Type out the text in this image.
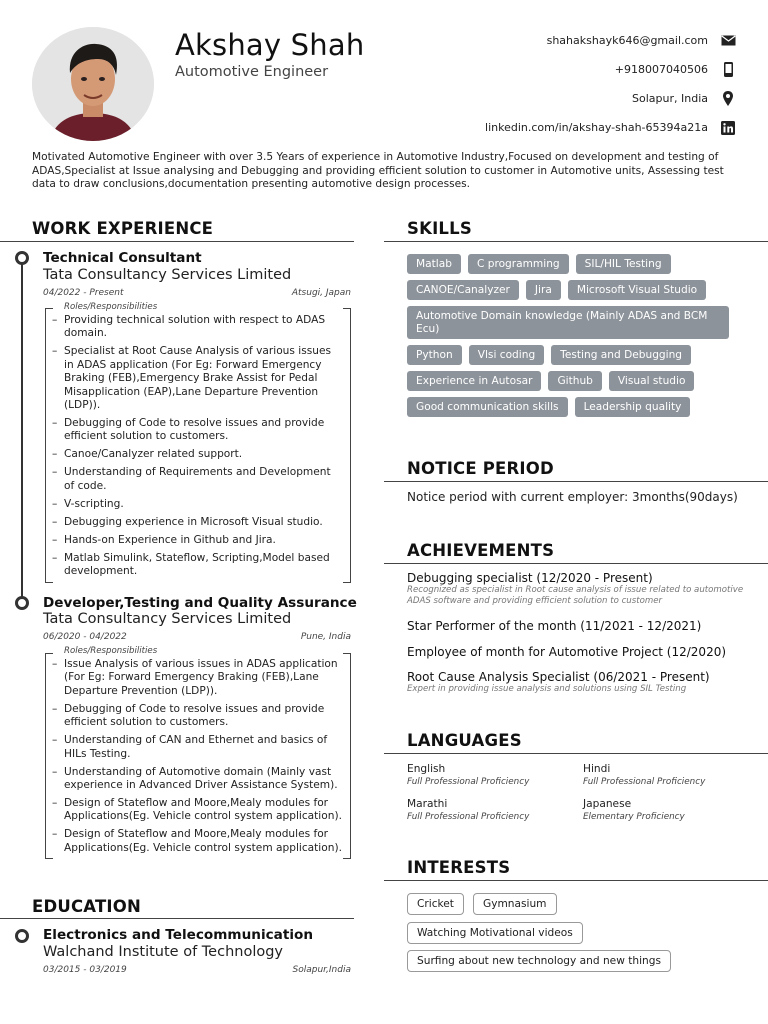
Akshay Shah
Automotive Engineer
shahakshayk646@gmail.com
+918007040506
Solapur, India
linkedin.com/in/akshay-shah-65394a21a
Motivated Automotive Engineer with over 3.5 Years of experience in Automotive Industry,Focused on development and testing of ADAS,Specialist at Issue analysing and Debugging and providing efficient solution to customer in Automotive units, Assessing test data to draw conclusions,documentation presenting automotive design processes.
WORK EXPERIENCE
Technical Consultant
Tata Consultancy Services Limited
04/2022 - Present	Atsugi, Japan
Roles/Responsibilities
– Providing technical solution with respect to ADAS domain.
– Specialist at Root Cause Analysis of various issues in ADAS application (For Eg: Forward Emergency Braking (FEB),Emergency Brake Assist for Pedal Misapplication (EAP),Lane Departure Prevention (LDP)).
– Debugging of Code to resolve issues and provide efficient solution to customers.
– Canoe/Canalyzer related support.
– Understanding of Requirements and Development of code.
– V-scripting.
– Debugging experience in Microsoft Visual studio.
– Hands-on Experience in Github and Jira.
– Matlab Simulink, Stateflow, Scripting,Model based development.
Developer,Testing and Quality Assurance
Tata Consultancy Services Limited
06/2020 - 04/2022	Pune, India
Roles/Responsibilities
– Issue Analysis of various issues in ADAS application (For Eg: Forward Emergency Braking (FEB),Lane Departure Prevention (LDP)).
– Debugging of Code to resolve issues and provide efficient solution to customers.
– Understanding of CAN and Ethernet and basics of HILs Testing.
– Understanding of Automotive domain (Mainly vast experience in Advanced Driver Assistance System).
– Design of Stateflow and Moore,Mealy modules for Applications(Eg. Vehicle control system application).
– Design of Stateflow and Moore,Mealy modules for Applications(Eg. Vehicle control system application).
EDUCATION
Electronics and Telecommunication
Walchand Institute of Technology
03/2015 - 03/2019	Solapur,India
SKILLS
Matlab	C programming	SIL/HIL Testing
CANOE/Canalyzer	Jira	Microsoft Visual Studio
Automotive Domain knowledge (Mainly ADAS and BCM Ecu)
Python	Vlsi coding	Testing and Debugging
Experience in Autosar	Github	Visual studio
Good communication skills	Leadership quality
NOTICE PERIOD
Notice period with current employer: 3months(90days)
ACHIEVEMENTS
Debugging specialist (12/2020 - Present)
Recognized as specialist in Root cause analysis of issue related to automotive ADAS software and providing efficient solution to customer
Star Performer of the month (11/2021 - 12/2021)
Employee of month for Automotive Project (12/2020)
Root Cause Analysis Specialist (06/2021 - Present)
Expert in providing issue analysis and solutions using SIL Testing
LANGUAGES
English
Full Professional Proficiency
Hindi
Full Professional Proficiency
Marathi
Full Professional Proficiency
Japanese
Elementary Proficiency
INTERESTS
Cricket	Gymnasium
Watching Motivational videos
Surfing about new technology and new things
